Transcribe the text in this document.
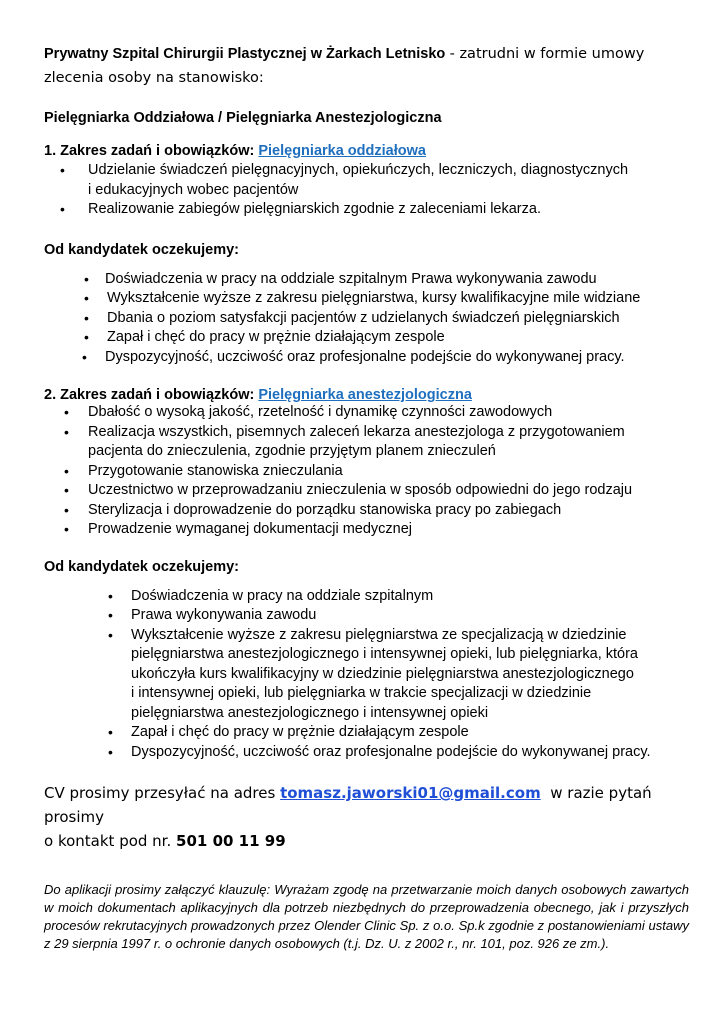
Prywatny Szpital Chirurgii Plastycznej w Żarkach Letnisko - zatrudni w formie umowy
zlecenia osoby na stanowisko:
Pielęgniarka Oddziałowa / Pielęgniarka Anestezjologiczna
1. Zakres zadań i obowiązków: Pielęgniarka oddziałowa
• Udzielanie świadczeń pielęgnacyjnych, opiekuńczych, leczniczych, diagnostycznych
i edukacyjnych wobec pacjentów
• Realizowanie zabiegów pielęgniarskich zgodnie z zaleceniami lekarza.
Od kandydatek oczekujemy:
• Doświadczenia w pracy na oddziale szpitalnym Prawa wykonywania zawodu
• Wykształcenie wyższe z zakresu pielęgniarstwa, kursy kwalifikacyjne mile widziane
• Dbania o poziom satysfakcji pacjentów z udzielanych świadczeń pielęgniarskich
• Zapał i chęć do pracy w prężnie działającym zespole
• Dyspozycyjność, uczciwość oraz profesjonalne podejście do wykonywanej pracy.
2. Zakres zadań i obowiązków: Pielęgniarka anestezjologiczna
• Dbałość o wysoką jakość, rzetelność i dynamikę czynności zawodowych
• Realizacja wszystkich, pisemnych zaleceń lekarza anestezjologa z przygotowaniem
pacjenta do znieczulenia, zgodnie przyjętym planem znieczuleń
• Przygotowanie stanowiska znieczulania
• Uczestnictwo w przeprowadzaniu znieczulenia w sposób odpowiedni do jego rodzaju
• Sterylizacja i doprowadzenie do porządku stanowiska pracy po zabiegach
• Prowadzenie wymaganej dokumentacji medycznej
Od kandydatek oczekujemy:
• Doświadczenia w pracy na oddziale szpitalnym
• Prawa wykonywania zawodu
• Wykształcenie wyższe z zakresu pielęgniarstwa ze specjalizacją w dziedzinie
pielęgniarstwa anestezjologicznego i intensywnej opieki, lub pielęgniarka, która
ukończyła kurs kwalifikacyjny w dziedzinie pielęgniarstwa anestezjologicznego
i intensywnej opieki, lub pielęgniarka w trakcie specjalizacji w dziedzinie
pielęgniarstwa anestezjologicznego i intensywnej opieki
• Zapał i chęć do pracy w prężnie działającym zespole
• Dyspozycyjność, uczciwość oraz profesjonalne podejście do wykonywanej pracy.
CV prosimy przesyłać na adres tomasz.jaworski01@gmail.com w razie pytań prosimy
o kontakt pod nr. 501 00 11 99

Do aplikacji prosimy załączyć klauzulę: Wyrażam zgodę na przetwarzanie moich danych osobowych zawartych w moich dokumentach aplikacyjnych dla potrzeb niezbędnych do przeprowadzenia obecnego, jak i przyszłych procesów rekrutacyjnych prowadzonych przez Olender Clinic Sp. z o.o. Sp.k zgodnie z postanowieniami ustawy z 29 sierpnia 1997 r. o ochronie danych osobowych (t.j. Dz. U. z 2002 r., nr. 101, poz. 926 ze zm.).
